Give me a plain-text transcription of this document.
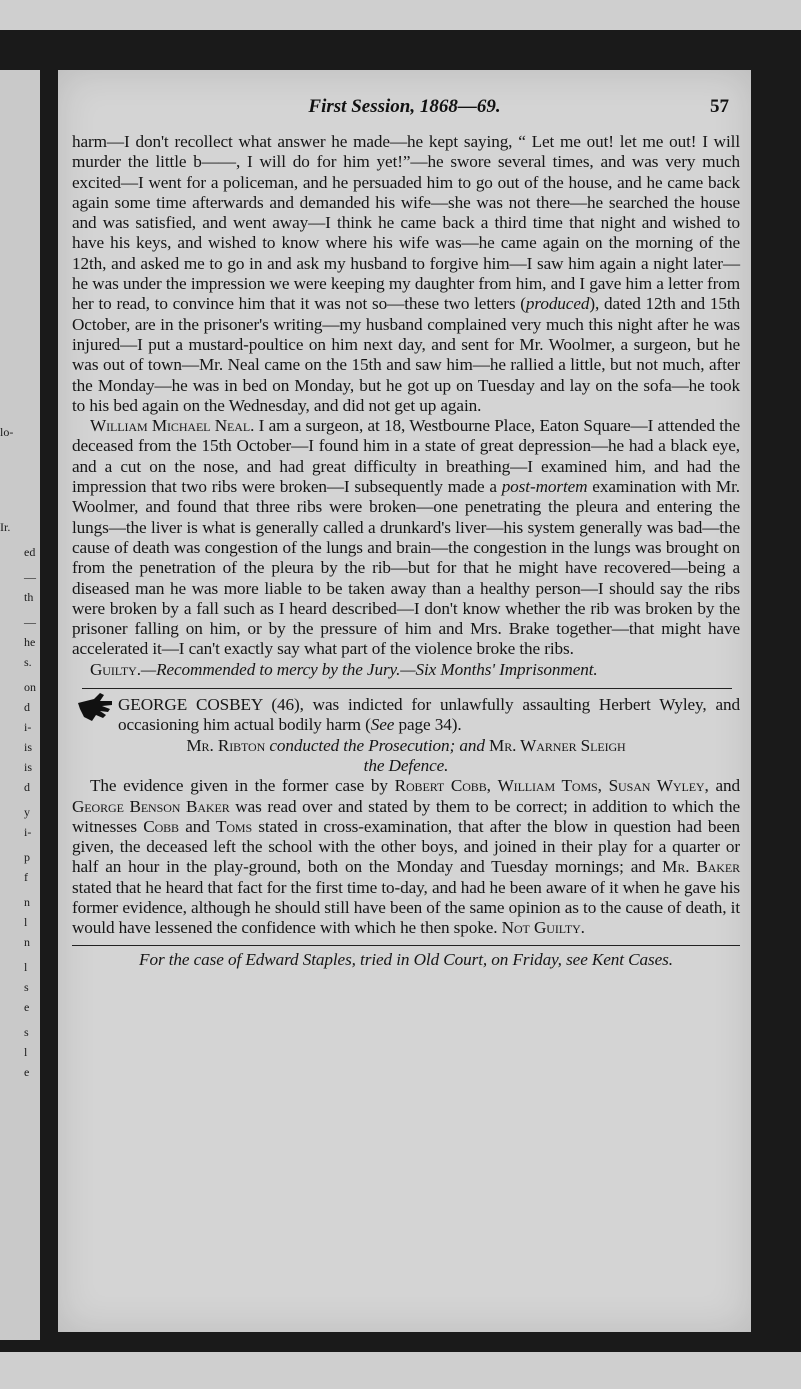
lo-
Ir.
ed
—
th
—
he
s.
on
d
i-
is
is
d
y
i-
p
f
n
l
n
l
s
e
s
l
e
First Session, 1868—69.	57

harm—I don't recollect what answer he made—he kept saying, “ Let me out! let me out! I will murder the little b——, I will do for him yet!”—he swore several times, and was very much excited—I went for a policeman, and he persuaded him to go out of the house, and he came back again some time afterwards and demanded his wife—she was not there—he searched the house and was satisfied, and went away—I think he came back a third time that night and wished to have his keys, and wished to know where his wife was—he came again on the morning of the 12th, and asked me to go in and ask my husband to forgive him—I saw him again a night later—he was under the impression we were keeping my daughter from him, and I gave him a letter from her to read, to convince him that it was not so—these two letters (produced), dated 12th and 15th October, are in the prisoner's writing—my husband complained very much this night after he was injured—I put a mustard-poultice on him next day, and sent for Mr. Woolmer, a surgeon, but he was out of town—Mr. Neal came on the 15th and saw him—he rallied a little, but not much, after the Monday—he was in bed on Monday, but he got up on Tuesday and lay on the sofa—he took to his bed again on the Wednesday, and did not get up again.

William Michael Neal. I am a surgeon, at 18, Westbourne Place, Eaton Square—I attended the deceased from the 15th October—I found him in a state of great depression—he had a black eye, and a cut on the nose, and had great difficulty in breathing—I examined him, and had the impression that two ribs were broken—I subsequently made a post-mortem examination with Mr. Woolmer, and found that three ribs were broken—one penetrating the pleura and entering the lungs—the liver is what is generally called a drunkard's liver—his system generally was bad—the cause of death was congestion of the lungs and brain—the congestion in the lungs was brought on from the penetration of the pleura by the rib—but for that he might have recovered—being a diseased man he was more liable to be taken away than a healthy person—I should say the ribs were broken by a fall such as I heard described—I don't know whether the rib was broken by the prisoner falling on him, or by the pressure of him and Mrs. Brake together—that might have accelerated it—I can't exactly say what part of the violence broke the ribs.

Guilty.—Recommended to mercy by the Jury.—Six Months' Imprisonment.

GEORGE COSBEY (46), was indicted for unlawfully assaulting Herbert Wyley, and occasioning him actual bodily harm (See page 34).

Mr. Ribton conducted the Prosecution; and Mr. Warner Sleigh

the Defence.

The evidence given in the former case by Robert Cobb, William Toms, Susan Wyley, and George Benson Baker was read over and stated by them to be correct; in addition to which the witnesses Cobb and Toms stated in cross-examination, that after the blow in question had been given, the deceased left the school with the other boys, and joined in their play for a quarter or half an hour in the play-ground, both on the Monday and Tuesday mornings; and Mr. Baker stated that he heard that fact for the first time to-day, and had he been aware of it when he gave his former evidence, although he should still have been of the same opinion as to the cause of death, it would have lessened the confidence with which he then spoke. Not Guilty.

For the case of Edward Staples, tried in Old Court, on Friday, see Kent Cases.
